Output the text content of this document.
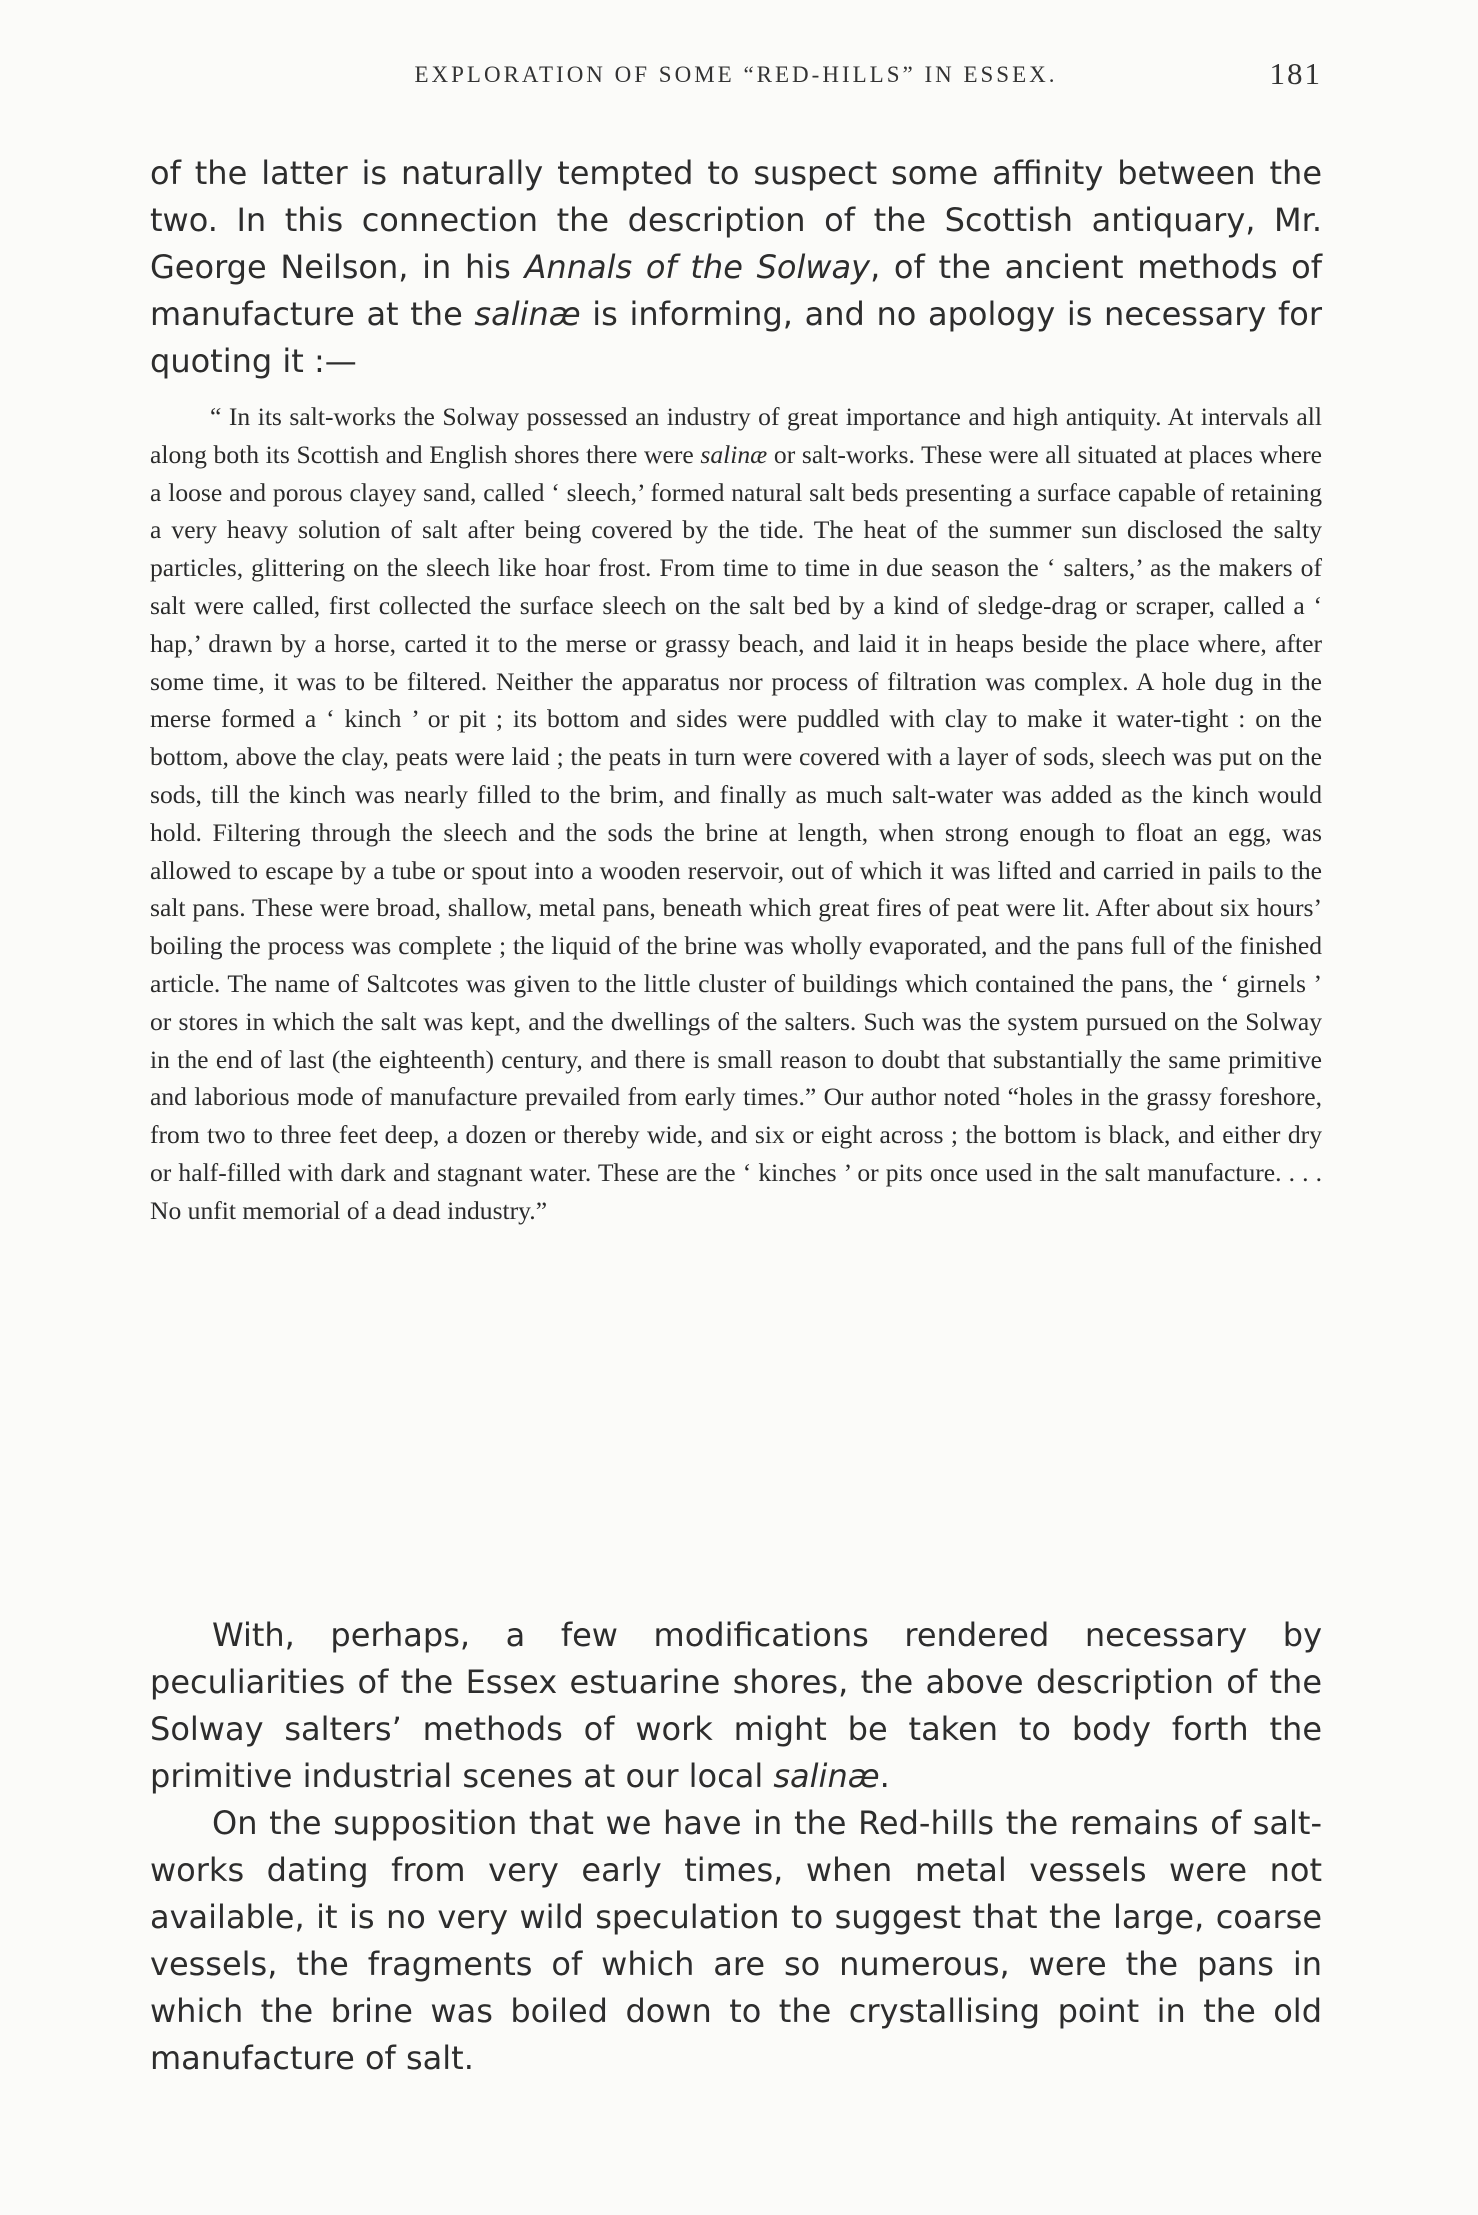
EXPLORATION OF SOME “RED-HILLS” IN ESSEX.	181

of the latter is naturally tempted to suspect some affinity between the two. In this connection the description of the Scottish antiquary, Mr. George Neilson, in his Annals of the Solway, of the ancient methods of manufacture at the salinæ is informing, and no apology is necessary for quoting it :—

“ In its salt-works the Solway possessed an industry of great importance and high antiquity. At intervals all along both its Scottish and English shores there were salinæ or salt-works. These were all situated at places where a loose and porous clayey sand, called ‘ sleech,’ formed natural salt beds presenting a surface capable of retaining a very heavy solution of salt after being covered by the tide. The heat of the summer sun disclosed the salty particles, glittering on the sleech like hoar frost. From time to time in due season the ‘ salters,’ as the makers of salt were called, first collected the surface sleech on the salt bed by a kind of sledge-drag or scraper, called a ‘ hap,’ drawn by a horse, carted it to the merse or grassy beach, and laid it in heaps beside the place where, after some time, it was to be filtered. Neither the apparatus nor process of filtration was complex. A hole dug in the merse formed a ‘ kinch ’ or pit ; its bottom and sides were puddled with clay to make it water-tight : on the bottom, above the clay, peats were laid ; the peats in turn were covered with a layer of sods, sleech was put on the sods, till the kinch was nearly filled to the brim, and finally as much salt-water was added as the kinch would hold. Filtering through the sleech and the sods the brine at length, when strong enough to float an egg, was allowed to escape by a tube or spout into a wooden reservoir, out of which it was lifted and carried in pails to the salt pans. These were broad, shallow, metal pans, beneath which great fires of peat were lit. After about six hours’ boiling the process was complete ; the liquid of the brine was wholly evaporated, and the pans full of the finished article. The name of Saltcotes was given to the little cluster of buildings which contained the pans, the ‘ girnels ’ or stores in which the salt was kept, and the dwellings of the salters. Such was the system pursued on the Solway in the end of last (the eighteenth) century, and there is small reason to doubt that substantially the same primitive and laborious mode of manufacture prevailed from early times.” Our author noted “holes in the grassy foreshore, from two to three feet deep, a dozen or thereby wide, and six or eight across ; the bottom is black, and either dry or half-filled with dark and stagnant water. These are the ‘ kinches ’ or pits once used in the salt manufacture. . . . No unfit memorial of a dead industry.”

With, perhaps, a few modifications rendered necessary by peculiarities of the Essex estuarine shores, the above description of the Solway salters’ methods of work might be taken to body forth the primitive industrial scenes at our local salinæ.

On the supposition that we have in the Red-hills the remains of salt-works dating from very early times, when metal vessels were not available, it is no very wild speculation to suggest that the large, coarse vessels, the fragments of which are so numerous, were the pans in which the brine was boiled down to the crystallising point in the old manufacture of salt.
